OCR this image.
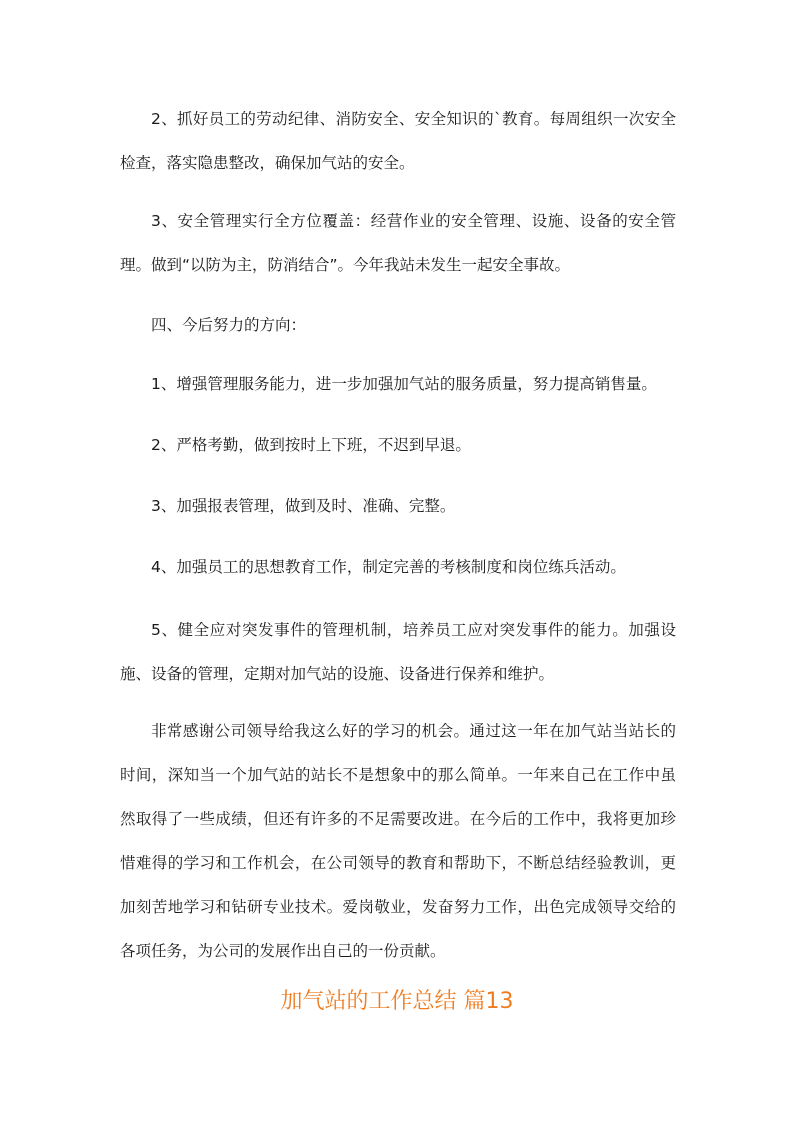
2、抓好员工的劳动纪律、消防安全、安全知识的`教育。每周组织一次安全检查，落实隐患整改，确保加气站的安全。

3、安全管理实行全方位覆盖：经营作业的安全管理、设施、设备的安全管理。做到“以防为主，防消结合”。今年我站未发生一起安全事故。

四、今后努力的方向：

1、增强管理服务能力，进一步加强加气站的服务质量，努力提高销售量。

2、严格考勤，做到按时上下班，不迟到早退。

3、加强报表管理，做到及时、准确、完整。

4、加强员工的思想教育工作，制定完善的考核制度和岗位练兵活动。

5、健全应对突发事件的管理机制，培养员工应对突发事件的能力。加强设施、设备的管理，定期对加气站的设施、设备进行保养和维护。

非常感谢公司领导给我这么好的学习的机会。通过这一年在加气站当站长的时间，深知当一个加气站的站长不是想象中的那么简单。一年来自己在工作中虽然取得了一些成绩，但还有许多的不足需要改进。在今后的工作中，我将更加珍惜难得的学习和工作机会，在公司领导的教育和帮助下，不断总结经验教训，更加刻苦地学习和钻研专业技术。爱岗敬业，发奋努力工作，出色完成领导交给的各项任务，为公司的发展作出自己的一份贡献。

加气站的工作总结 篇13
